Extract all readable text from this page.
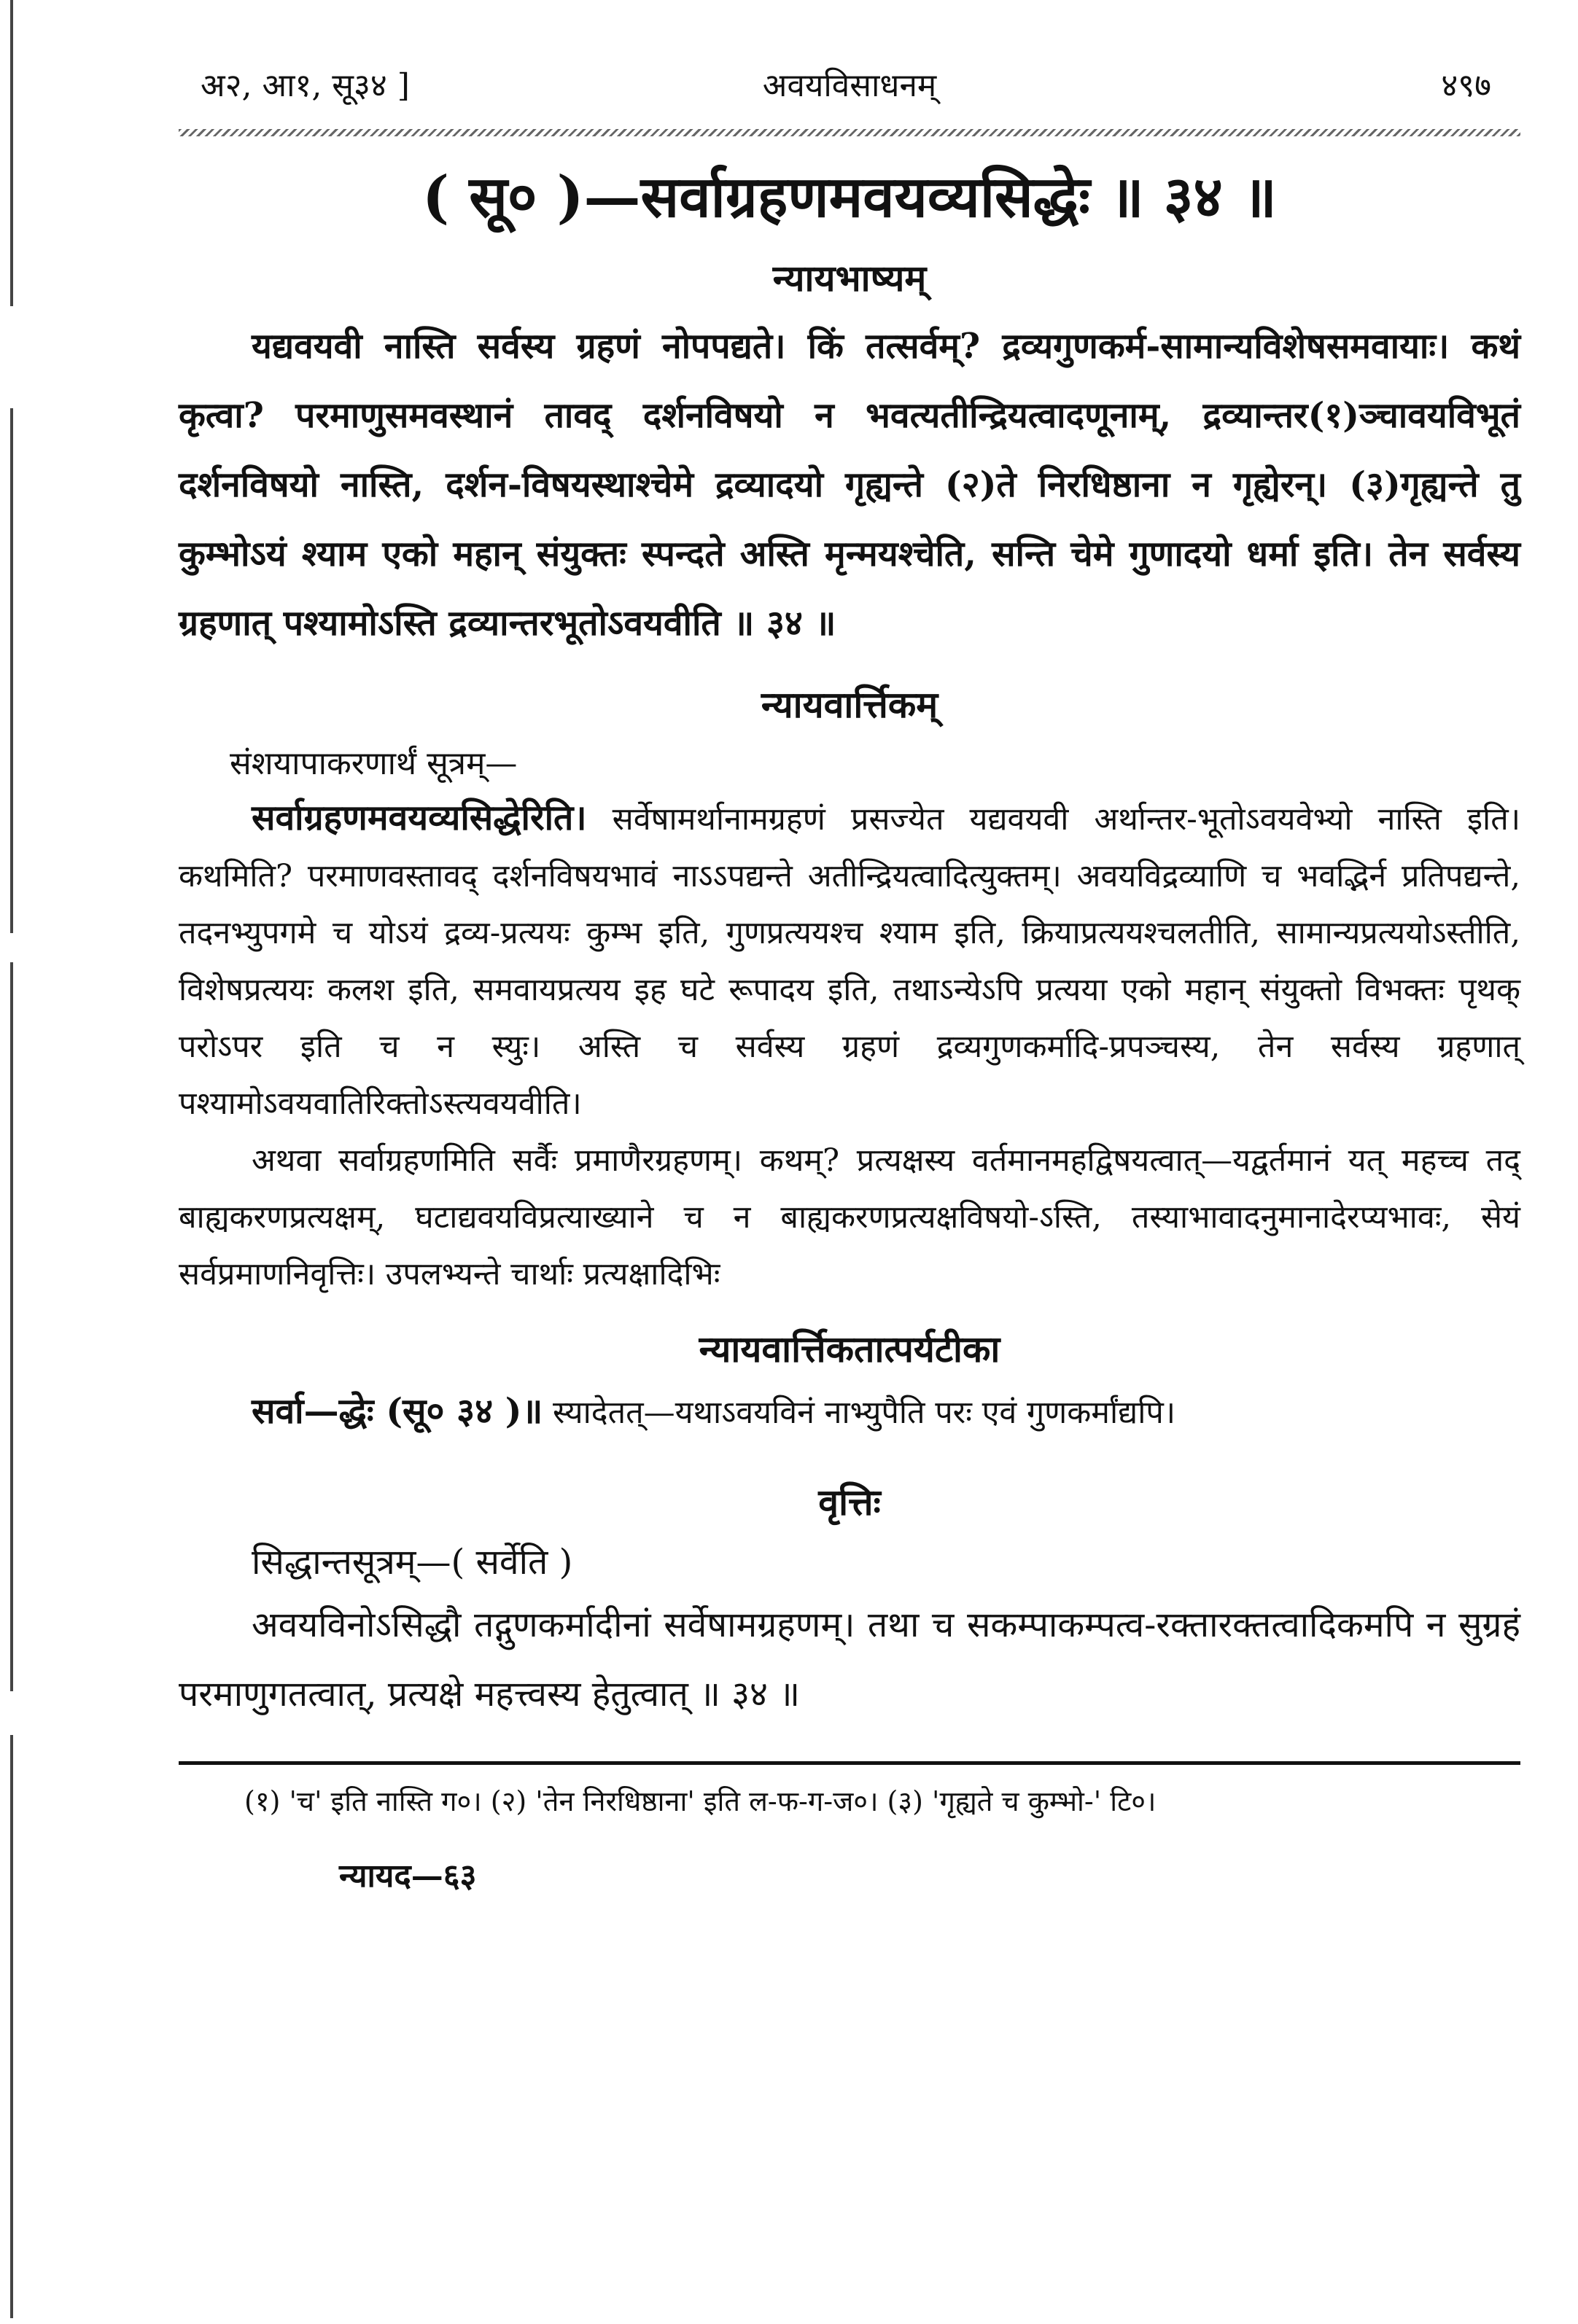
अ२, आ१, सू३४ ]	अवयविसाधनम्	४९७
( सू० )—सर्वाग्रहणमवयव्यसिद्धेः ॥ ३४ ॥
न्यायभाष्यम्

यद्यवयवी नास्ति सर्वस्य ग्रहणं नोपपद्यते। किं तत्सर्वम्? द्रव्यगुणकर्म-सामान्यविशेषसमवायाः। कथं कृत्वा? परमाणुसमवस्थानं तावद् दर्शनविषयो न भवत्यतीन्द्रियत्वादणूनाम्, द्रव्यान्तर(१)ञ्चावयविभूतं दर्शनविषयो नास्ति, दर्शन-विषयस्थाश्चेमे द्रव्यादयो गृह्यन्ते (२)ते निरधिष्ठाना न गृह्येरन्। (३)गृह्यन्ते तु कुम्भोऽयं श्याम एको महान् संयुक्तः स्पन्दते अस्ति मृन्मयश्चेति, सन्ति चेमे गुणादयो धर्मा इति। तेन सर्वस्य ग्रहणात् पश्यामोऽस्ति द्रव्यान्तरभूतोऽवयवीति ॥ ३४ ॥

न्यायवार्त्तिकम्
संशयापाकरणार्थं सूत्रम्—

सर्वाग्रहणमवयव्यसिद्धेरिति। सर्वेषामर्थानामग्रहणं प्रसज्येत यद्यवयवी अर्थान्तर-भूतोऽवयवेभ्यो नास्ति इति। कथमिति? परमाणवस्तावद् दर्शनविषयभावं नाऽऽपद्यन्ते अतीन्द्रियत्वादित्युक्तम्। अवयविद्रव्याणि च भवद्भिर्न प्रतिपद्यन्ते, तदनभ्युपगमे च योऽयं द्रव्य-प्रत्ययः कुम्भ इति, गुणप्रत्ययश्च श्याम इति, क्रियाप्रत्ययश्चलतीति, सामान्यप्रत्ययोऽस्तीति, विशेषप्रत्ययः कलश इति, समवायप्रत्यय इह घटे रूपादय इति, तथाऽन्येऽपि प्रत्यया एको महान् संयुक्तो विभक्तः पृथक् परोऽपर इति च न स्युः। अस्ति च सर्वस्य ग्रहणं द्रव्यगुणकर्मादि-प्रपञ्चस्य, तेन सर्वस्य ग्रहणात् पश्यामोऽवयवातिरिक्तोऽस्त्यवयवीति।

अथवा सर्वाग्रहणमिति सर्वैः प्रमाणैरग्रहणम्। कथम्? प्रत्यक्षस्य वर्तमानमहद्विषयत्वात्—यद्वर्तमानं यत् महच्च तद् बाह्यकरणप्रत्यक्षम्, घटाद्यवयविप्रत्याख्याने च न बाह्यकरणप्रत्यक्षविषयो-ऽस्ति, तस्याभावादनुमानादेरप्यभावः, सेयं सर्वप्रमाणनिवृत्तिः। उपलभ्यन्ते चार्थाः प्रत्यक्षादिभिः

न्यायवार्त्तिकतात्पर्यटीका

सर्वा—द्धेः (सू० ३४ )॥ स्यादेतत्—यथाऽवयविनं नाभ्युपैति परः एवं गुणकर्मांद्यपि।

वृत्तिः
सिद्धान्तसूत्रम्—( सर्वेति )

अवयविनोऽसिद्धौ तद्गुणकर्मादीनां सर्वेषामग्रहणम्। तथा च सकम्पाकम्पत्व-रक्तारक्तत्वादिकमपि न सुग्रहं परमाणुगतत्वात्, प्रत्यक्षे महत्त्वस्य हेतुत्वात् ॥ ३४ ॥

(१) 'च' इति नास्ति ग०। (२) 'तेन निरधिष्ठाना' इति ल-फ-ग-ज०। (३) 'गृह्यते च कुम्भो-' टि०।

न्यायद—६३
